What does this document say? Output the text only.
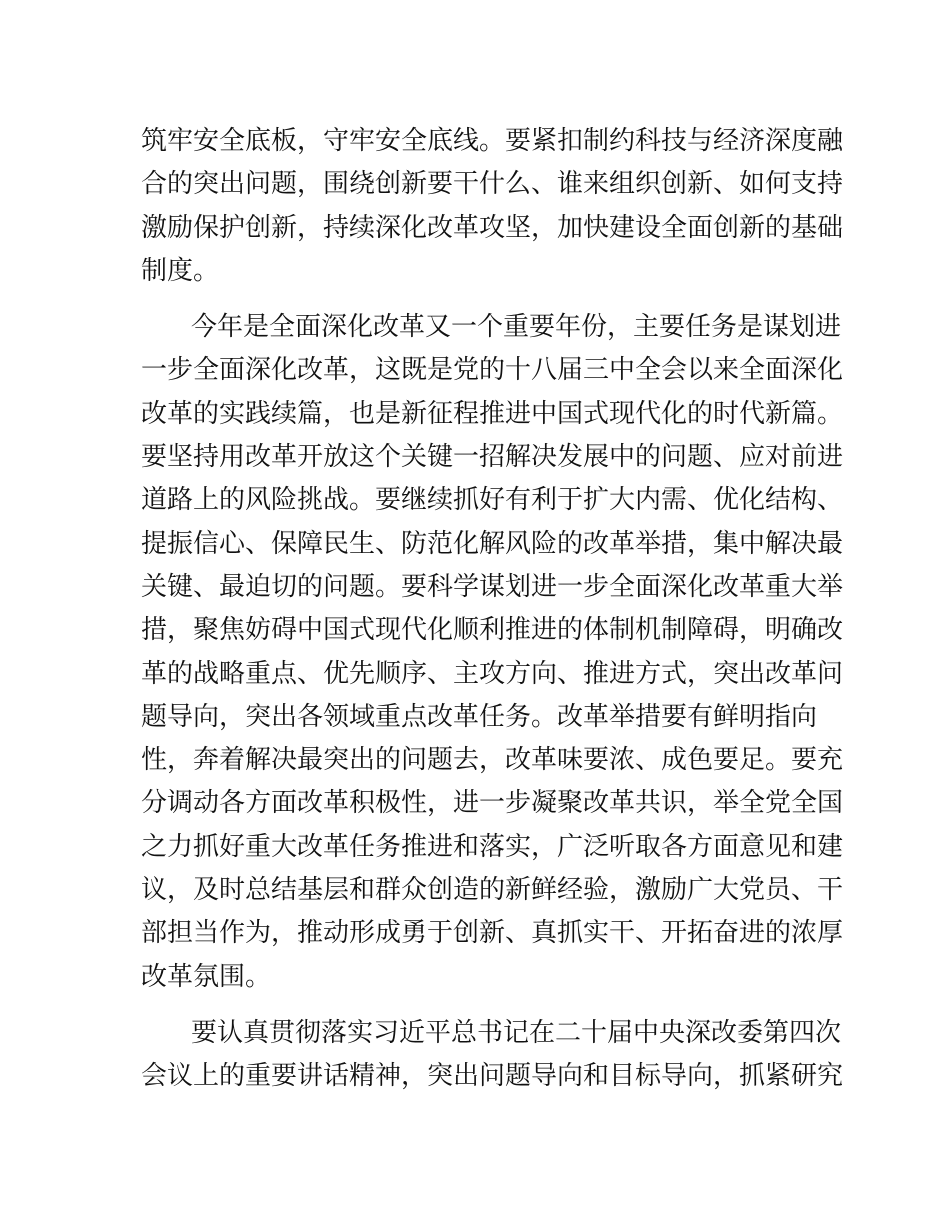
筑牢安全底板，守牢安全底线。要紧扣制约科技与经济深度融
合的突出问题，围绕创新要干什么、谁来组织创新、如何支持
激励保护创新，持续深化改革攻坚，加快建设全面创新的基础
制度。
今年是全面深化改革又一个重要年份，主要任务是谋划进
一步全面深化改革，这既是党的十八届三中全会以来全面深化
改革的实践续篇，也是新征程推进中国式现代化的时代新篇。
要坚持用改革开放这个关键一招解决发展中的问题、应对前进
道路上的风险挑战。要继续抓好有利于扩大内需、优化结构、
提振信心、保障民生、防范化解风险的改革举措，集中解决最
关键、最迫切的问题。要科学谋划进一步全面深化改革重大举
措，聚焦妨碍中国式现代化顺利推进的体制机制障碍，明确改
革的战略重点、优先顺序、主攻方向、推进方式，突出改革问
题导向，突出各领域重点改革任务。改革举措要有鲜明指向
性，奔着解决最突出的问题去，改革味要浓、成色要足。要充
分调动各方面改革积极性，进一步凝聚改革共识，举全党全国
之力抓好重大改革任务推进和落实，广泛听取各方面意见和建
议，及时总结基层和群众创造的新鲜经验，激励广大党员、干
部担当作为，推动形成勇于创新、真抓实干、开拓奋进的浓厚
改革氛围。
要认真贯彻落实习近平总书记在二十届中央深改委第四次
会议上的重要讲话精神，突出问题导向和目标导向，抓紧研究
